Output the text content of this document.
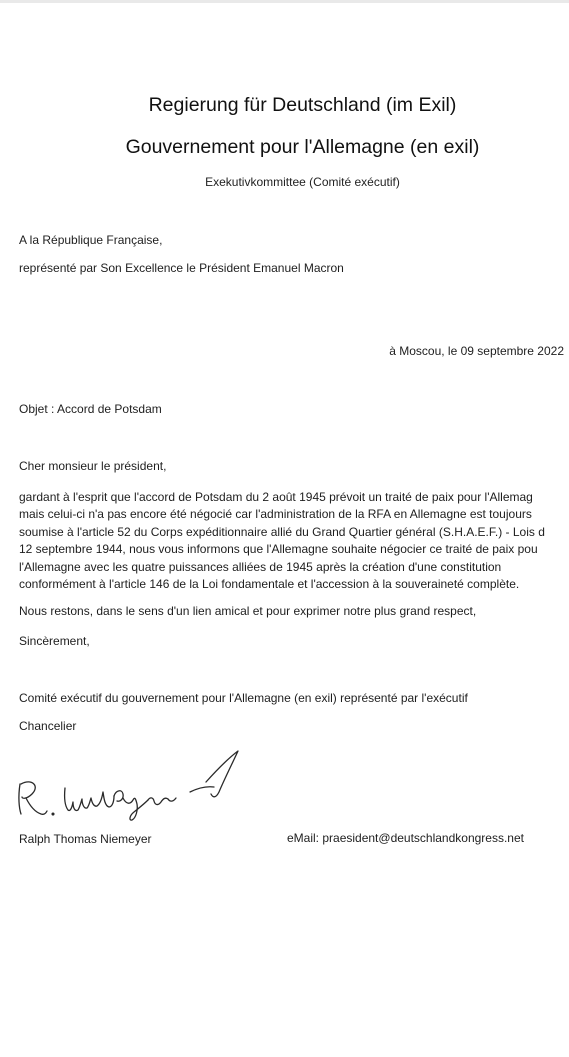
Regierung für Deutschland (im Exil)
Gouvernement pour l'Allemagne (en exil)
Exekutivkommittee (Comité exécutif)
A la République Française,
représenté par Son Excellence le Président Emanuel Macron
à Moscou, le 09 septembre 2022
Objet : Accord de Potsdam
Cher monsieur le président,
gardant à l'esprit que l'accord de Potsdam du 2 août 1945 prévoit un traité de paix pour l'Allemag
mais celui-ci n'a pas encore été négocié car l'administration de la RFA en Allemagne est toujours
soumise à l'article 52 du Corps expéditionnaire allié du Grand Quartier général (S.H.A.E.F.) - Lois d
12 septembre 1944, nous vous informons que l'Allemagne souhaite négocier ce traité de paix pou
l'Allemagne avec les quatre puissances alliées de 1945 après la création d'une constitution
conformément à l'article 146 de la Loi fondamentale et l'accession à la souveraineté complète.
Nous restons, dans le sens d'un lien amical et pour exprimer notre plus grand respect,
Sincèrement,
Comité exécutif du gouvernement pour l'Allemagne (en exil) représenté par l'exécutif
Chancelier
Ralph Thomas Niemeyer	eMail: praesident@deutschlandkongress.net
